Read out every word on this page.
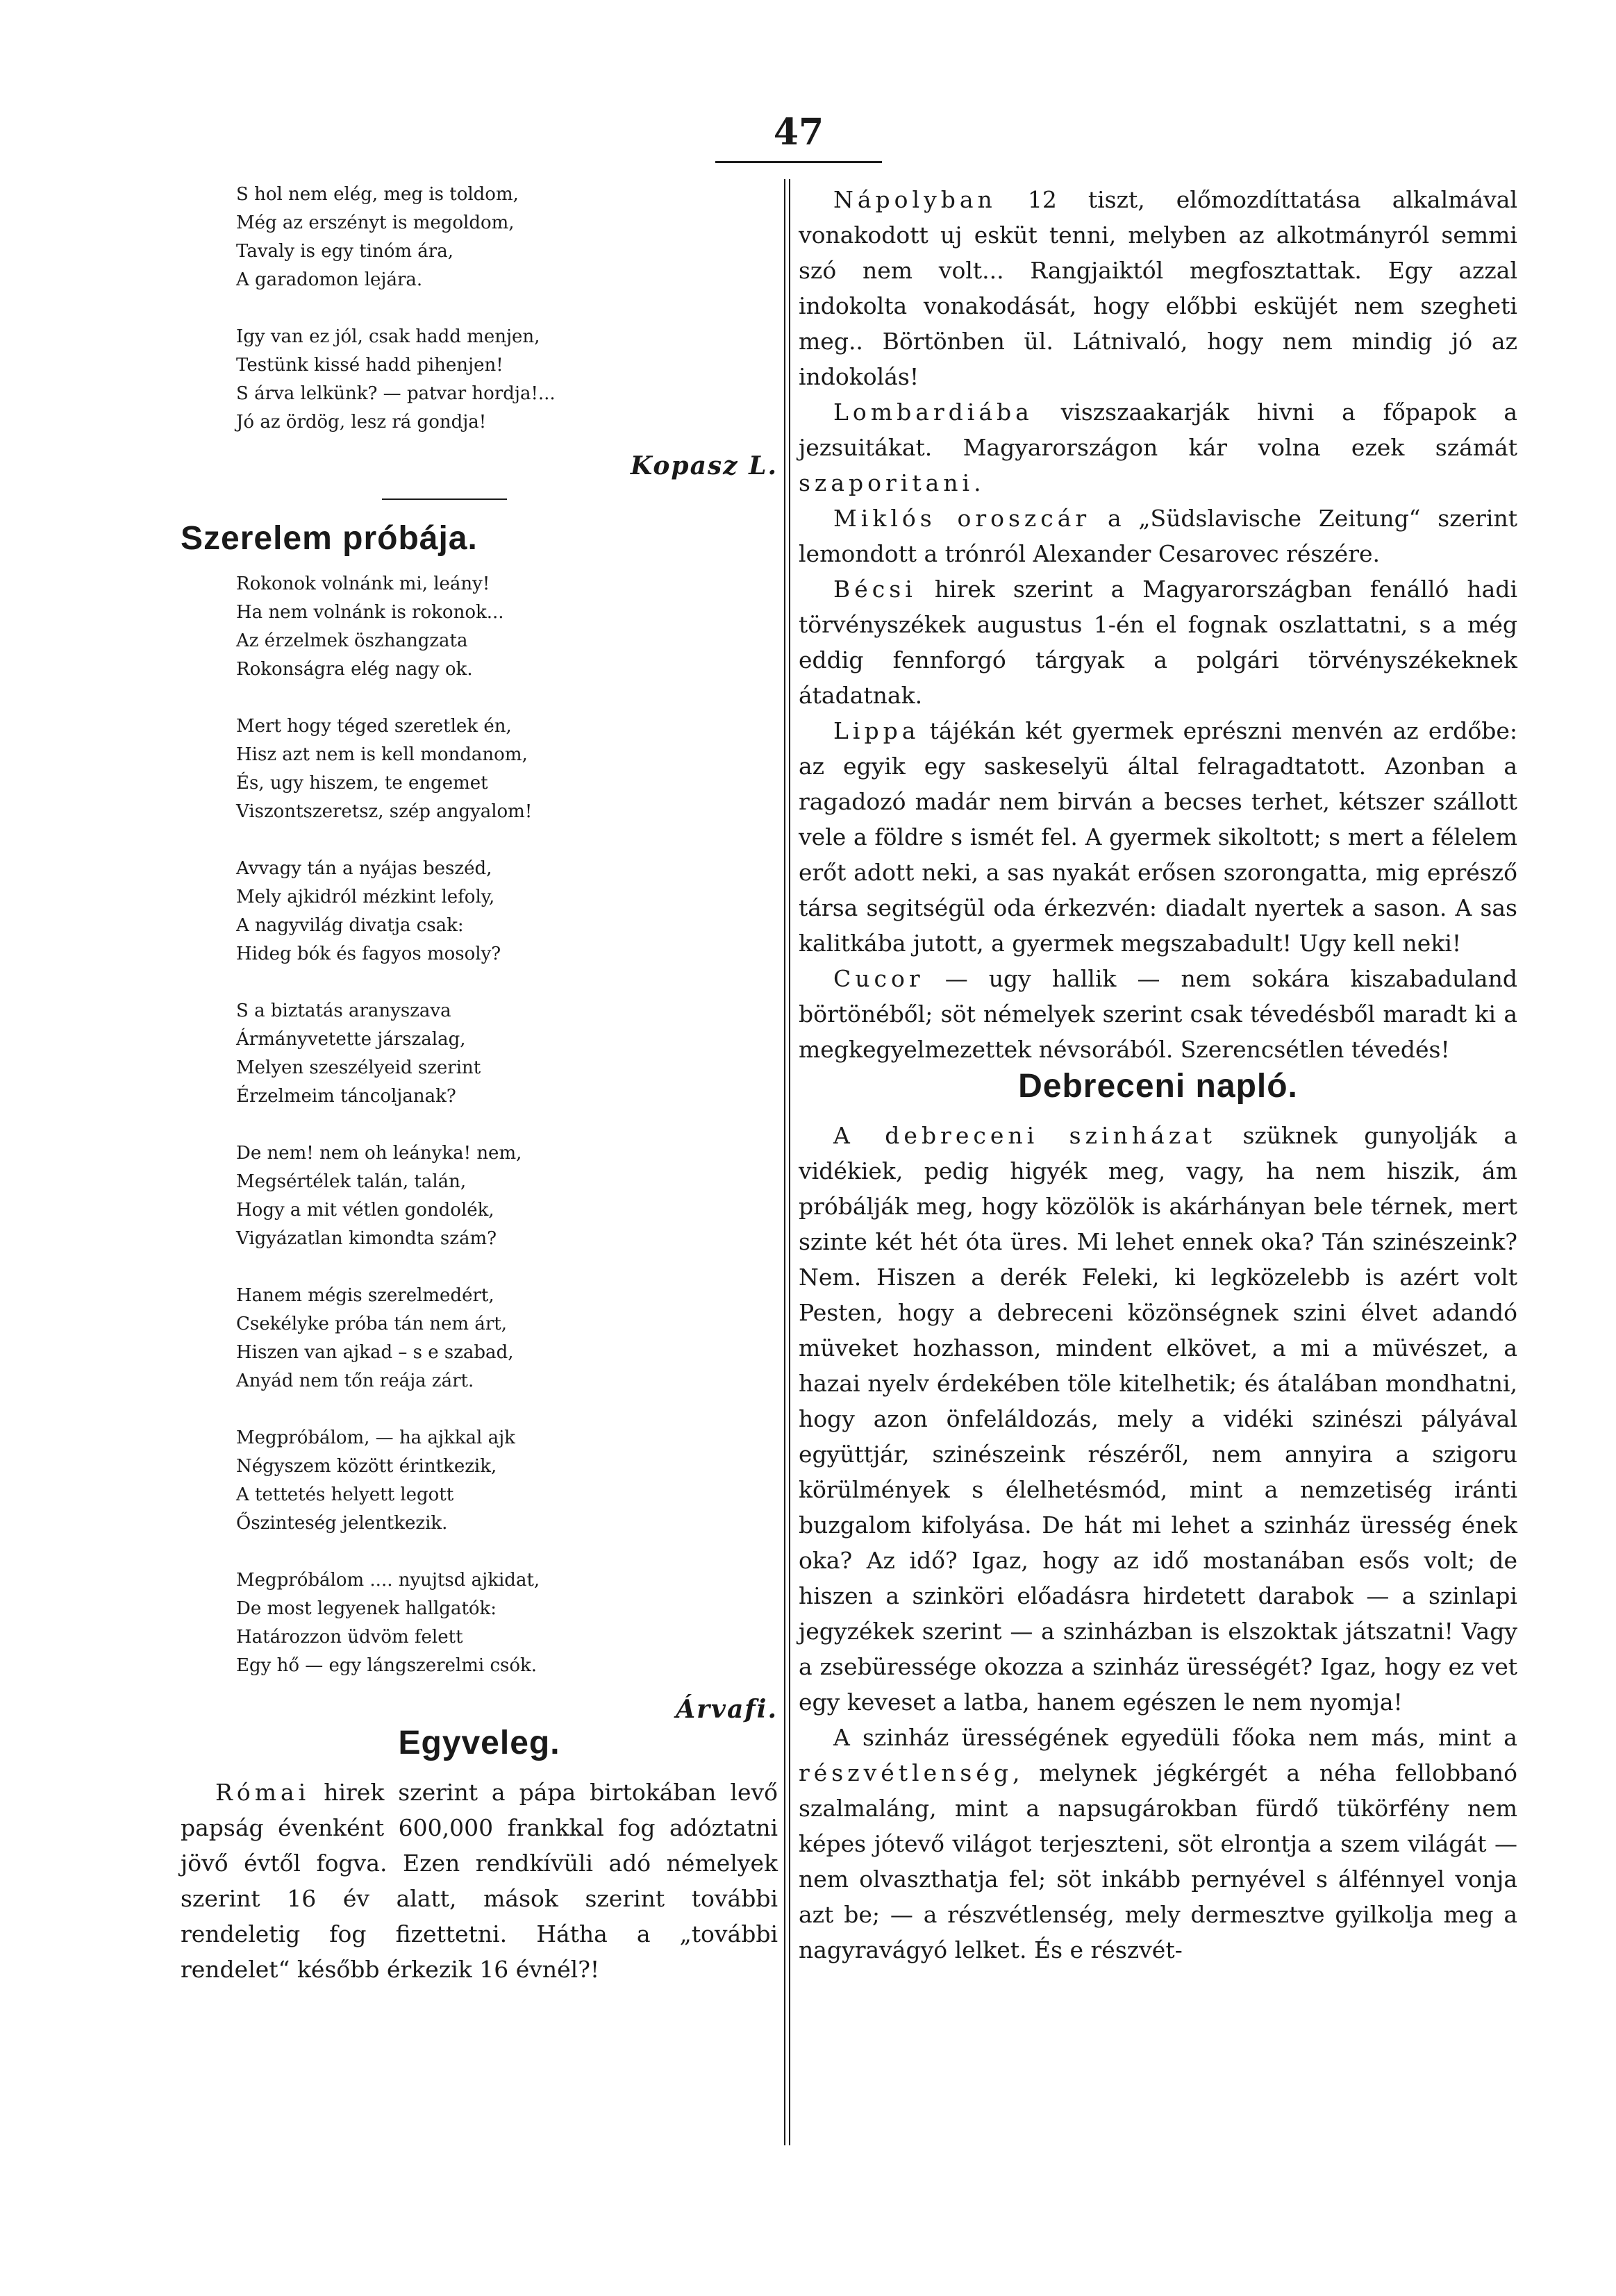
47
S hol nem elég, meg is toldom,
Még az erszényt is megoldom,
Tavaly is egy tinóm ára,
A garadomon lejára.
Igy van ez jól, csak hadd menjen,
Testünk kissé hadd pihenjen!
S árva lelkünk? — patvar hordja!...
Jó az ördög, lesz rá gondja!
Kopasz L.
Szerelem próbája.
Rokonok volnánk mi, leány!
Ha nem volnánk is rokonok...
Az érzelmek öszhangzata
Rokonságra elég nagy ok.
Mert hogy téged szeretlek én,
Hisz azt nem is kell mondanom,
És, ugy hiszem, te engemet
Viszontszeretsz, szép angyalom!
Avvagy tán a nyájas beszéd,
Mely ajkidról mézkint lefoly,
A nagyvilág divatja csak:
Hideg bók és fagyos mosoly?
S a biztatás aranyszava
Ármányvetette járszalag,
Melyen szeszélyeid szerint
Érzelmeim táncoljanak?
De nem! nem oh leányka! nem,
Megsértélek talán, talán,
Hogy a mit vétlen gondolék,
Vigyázatlan kimondta szám?
Hanem mégis szerelmedért,
Csekélyke próba tán nem árt,
Hiszen van ajkad – s e szabad,
Anyád nem tőn reája zárt.
Megpróbálom, — ha ajkkal ajk
Négyszem között érintkezik,
A tettetés helyett legott
Őszinteség jelentkezik.
Megpróbálom .... nyujtsd ajkidat,
De most legyenek hallgatók:
Határozzon üdvöm felett
Egy hő — egy lángszerelmi csók.
Árvafi.
Egyveleg.

Római hirek szerint a pápa birtokában levő papság évenként 600,000 frankkal fog adóztatni jövő évtől fogva. Ezen rendkívüli adó némelyek szerint 16 év alatt, mások szerint további rendeletig fog fizettetni. Hátha a „további rendelet“ később érkezik 16 évnél?!

Nápolyban 12 tiszt, előmozdíttatása alkalmával vonakodott uj esküt tenni, melyben az alkotmányról semmi szó nem volt... Rangjaiktól megfosztattak. Egy azzal indokolta vonakodását, hogy előbbi esküjét nem szegheti meg.. Börtönben ül. Látnivaló, hogy nem mindig jó az indokolás!

Lombardiába viszszaakarják hivni a főpapok a jezsuitákat. Magyarországon kár volna ezek számát szaporitani.

Miklós oroszcár a „Südslavische Zeitung“ szerint lemondott a trónról Alexander Cesarovec részére.

Bécsi hirek szerint a Magyarországban fenálló hadi törvényszékek augustus 1-én el fognak oszlattatni, s a még eddig fennforgó tárgyak a polgári törvényszékeknek átadatnak.

Lippa tájékán két gyermek eprészni menvén az erdőbe: az egyik egy saskeselyü által felragadtatott. Azonban a ragadozó madár nem birván a becses terhet, kétszer szállott vele a földre s ismét fel. A gyermek sikoltott; s mert a félelem erőt adott neki, a sas nyakát erősen szorongatta, mig eprésző társa segitségül oda érkezvén: diadalt nyertek a sason. A sas kalitkába jutott, a gyermek megszabadult! Ugy kell neki!

Cucor — ugy hallik — nem sokára kiszabaduland börtönéből; söt némelyek szerint csak tévedésből maradt ki a megkegyelmezettek névsorából. Szerencsétlen tévedés!

Debreceni napló.

A debreceni szinházat szüknek gunyolják a vidékiek, pedig higyék meg, vagy, ha nem hiszik, ám próbálják meg, hogy közölök is akárhányan bele térnek, mert szinte két hét óta üres. Mi lehet ennek oka? Tán szinészeink? Nem. Hiszen a derék Feleki, ki legközelebb is azért volt Pesten, hogy a debreceni közönségnek szini élvet adandó müveket hozhasson, mindent elkövet, a mi a müvészet, a hazai nyelv érdekében töle kitelhetik; és átalában mondhatni, hogy azon önfeláldozás, mely a vidéki szinészi pályával együttjár, szinészeink részéről, nem annyira a szigoru körülmények s élelhetésmód, mint a nemzetiség iránti buzgalom kifolyása. De hát mi lehet a szinház üresség ének oka? Az idő? Igaz, hogy az idő mostanában esős volt; de hiszen a szinköri előadásra hirdetett darabok — a szinlapi jegyzékek szerint — a szinházban is elszoktak játszatni! Vagy a zsebüressége okozza a szinház ürességét? Igaz, hogy ez vet egy keveset a latba, hanem egészen le nem nyomja!

A szinház ürességének egyedüli főoka nem más, mint a részvétlenség, melynek jégkérgét a néha fellobbanó szalmaláng, mint a napsugárokban fürdő tükörfény nem képes jótevő világot terjeszteni, söt elrontja a szem világát — nem olvaszthatja fel; söt inkább pernyével s álfénnyel vonja azt be; — a részvétlenség, mely dermesztve gyilkolja meg a nagyravágyó lelket. És e részvét-
